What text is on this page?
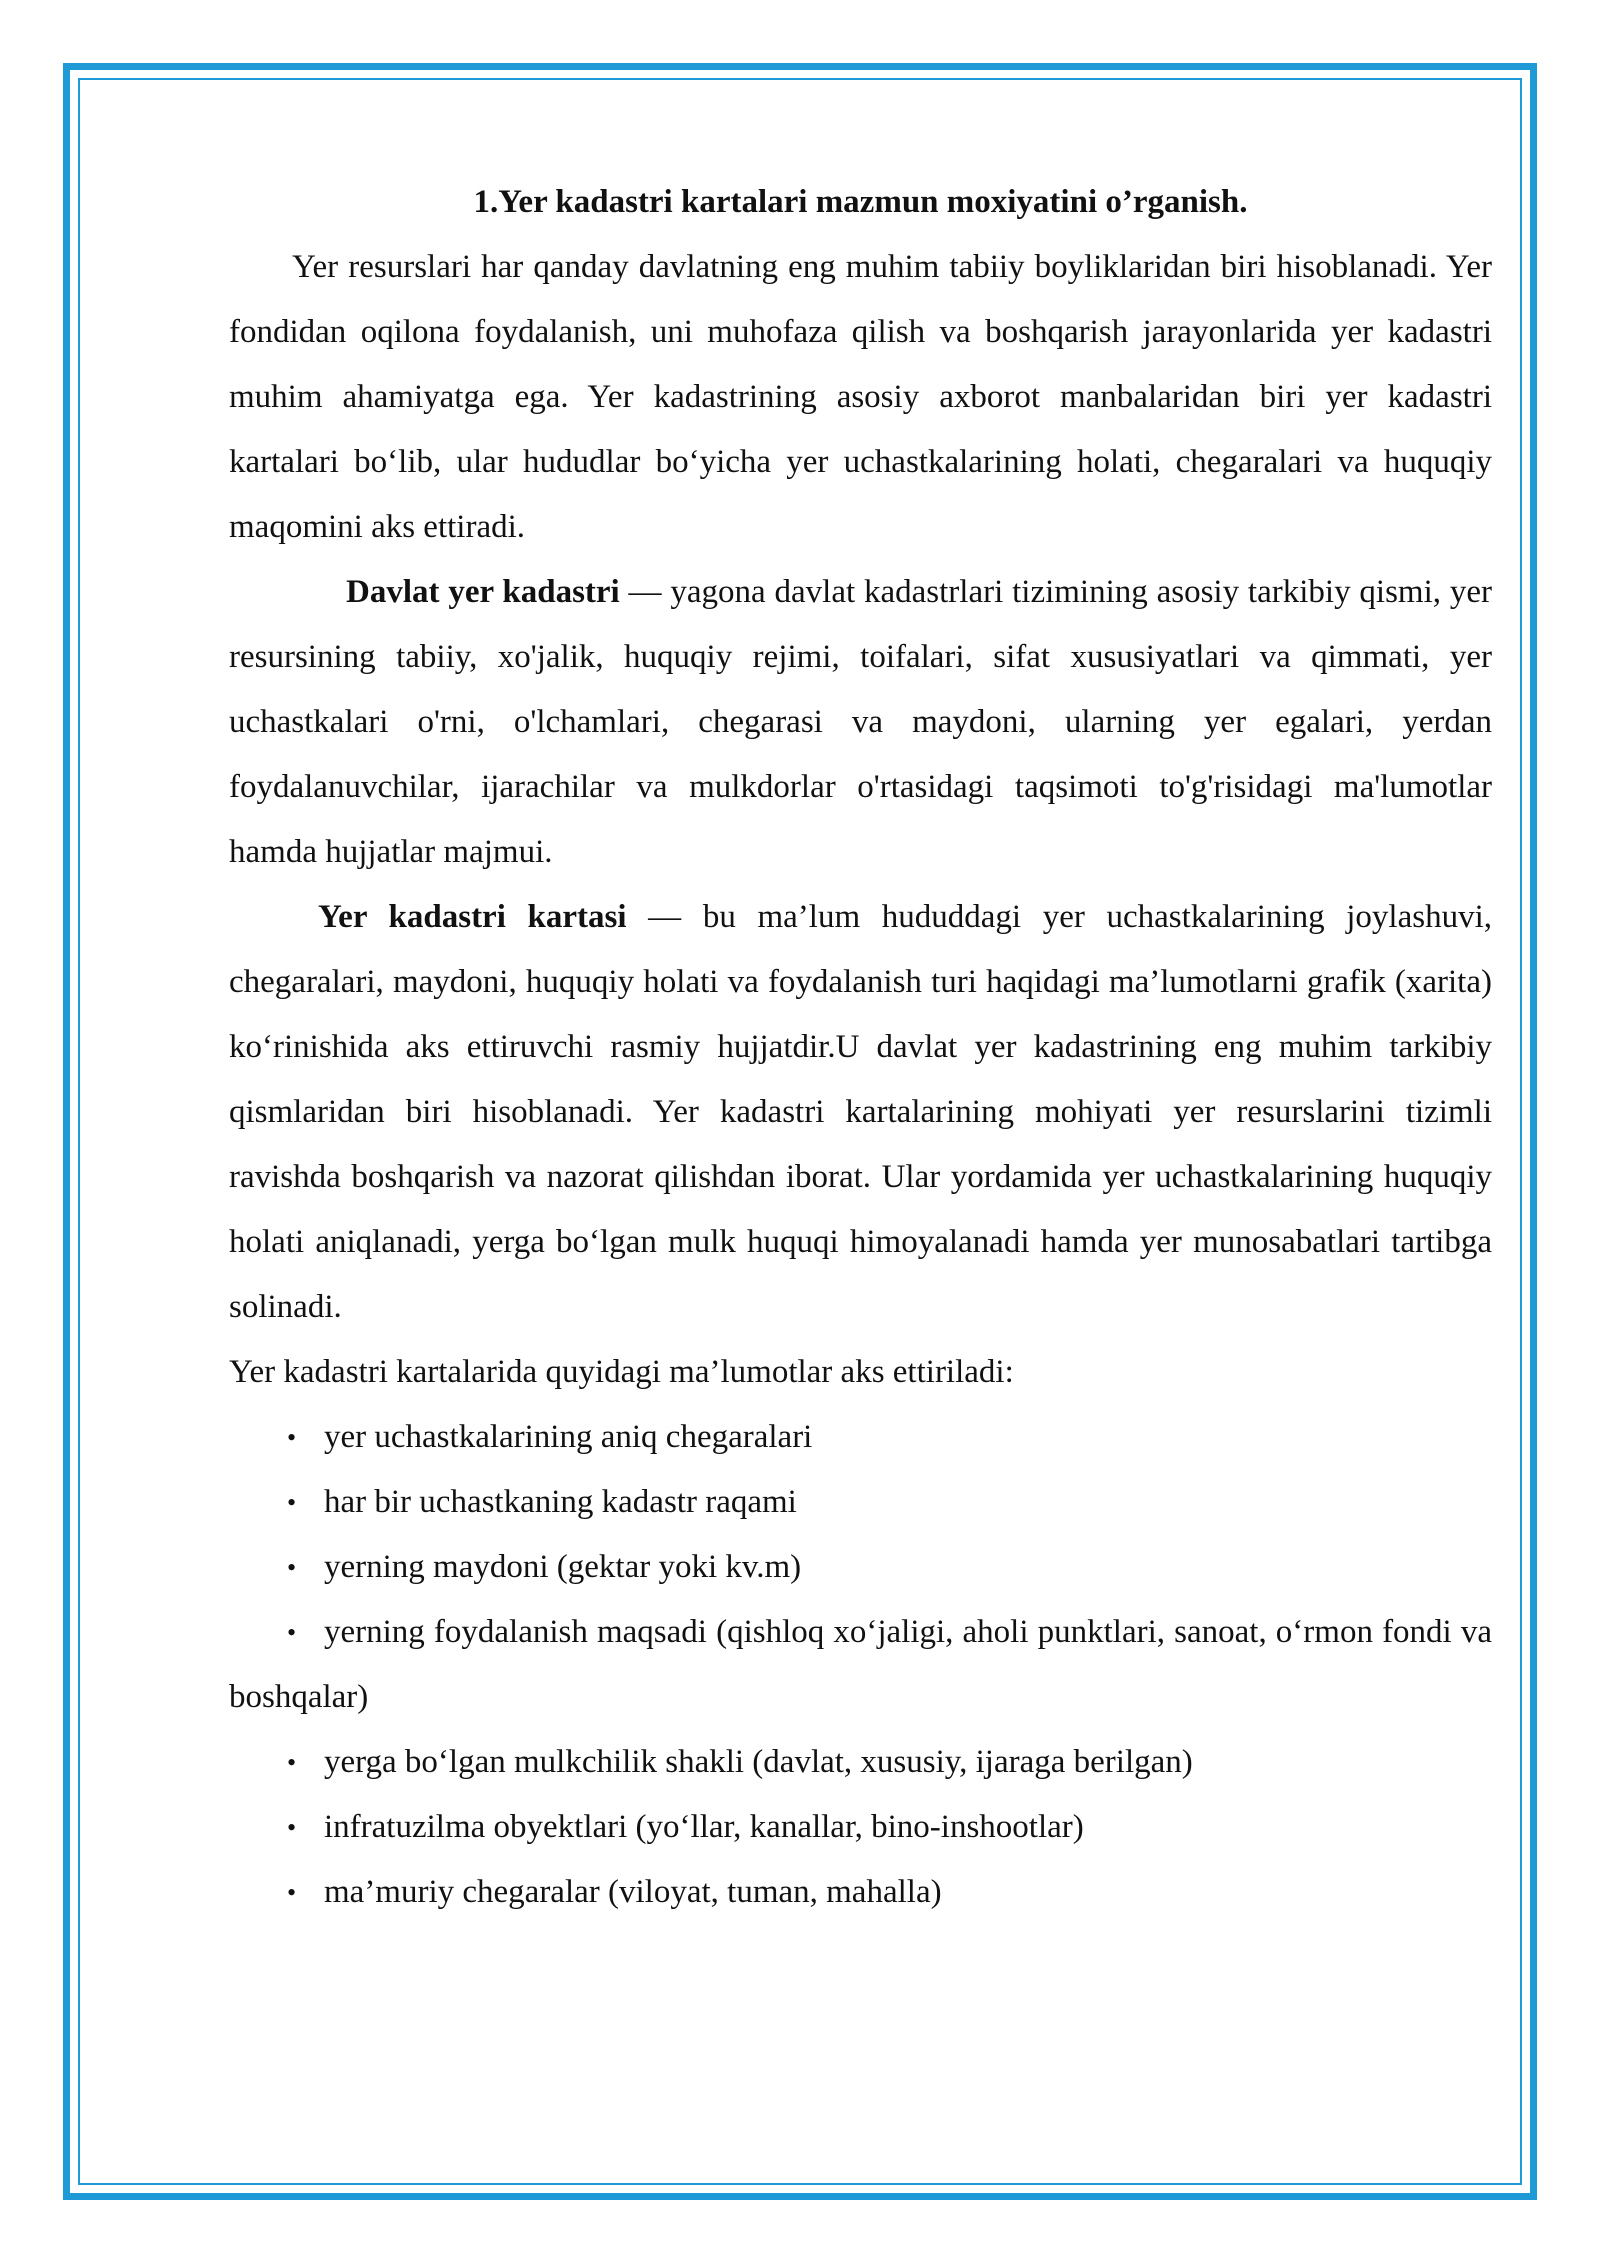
1.Yer kadastri kartalari mazmun moxiyatini o’rganish.

Yer resurslari har qanday davlatning eng muhim tabiiy boyliklaridan biri hisoblanadi. Yer fondidan oqilona foydalanish, uni muhofaza qilish va boshqarish jarayonlarida yer kadastri muhim ahamiyatga ega. Yer kadastrining asosiy axborot manbalaridan biri yer kadastri kartalari bo‘lib, ular hududlar bo‘yicha yer uchastkalarining holati, chegaralari va huquqiy maqomini aks ettiradi.

Davlat yer kadastri — yagona davlat kadastrlari tizimining asosiy tarkibiy qismi, yer resursining tabiiy, xo'jalik, huquqiy rejimi, toifalari, sifat xususiyatlari va qimmati, yer uchastkalari o'rni, o'lchamlari, chegarasi va maydoni, ularning yer egalari, yerdan foydalanuvchilar, ijarachilar va mulkdorlar o'rtasidagi taqsimoti to'g'risidagi ma'lumotlar hamda hujjatlar majmui.

Yer kadastri kartasi — bu ma’lum hududdagi yer uchastkalarining joylashuvi, chegaralari, maydoni, huquqiy holati va foydalanish turi haqidagi ma’lumotlarni grafik (xarita) ko‘rinishida aks ettiruvchi rasmiy hujjatdir.U davlat yer kadastrining eng muhim tarkibiy qismlaridan biri hisoblanadi. Yer kadastri kartalarining mohiyati yer resurslarini tizimli ravishda boshqarish va nazorat qilishdan iborat. Ular yordamida yer uchastkalarining huquqiy holati aniqlanadi, yerga bo‘lgan mulk huquqi himoyalanadi hamda yer munosabatlari tartibga solinadi.

Yer kadastri kartalarida quyidagi ma’lumotlar aks ettiriladi:

• yer uchastkalarining aniq chegaralari
• har bir uchastkaning kadastr raqami
• yerning maydoni (gektar yoki kv.m)
• yerning foydalanish maqsadi (qishloq xo‘jaligi, aholi punktlari, sanoat, o‘rmon fondi va boshqalar)
• yerga bo‘lgan mulkchilik shakli (davlat, xususiy, ijaraga berilgan)
• infratuzilma obyektlari (yo‘llar, kanallar, bino-inshootlar)
• ma’muriy chegaralar (viloyat, tuman, mahalla)
